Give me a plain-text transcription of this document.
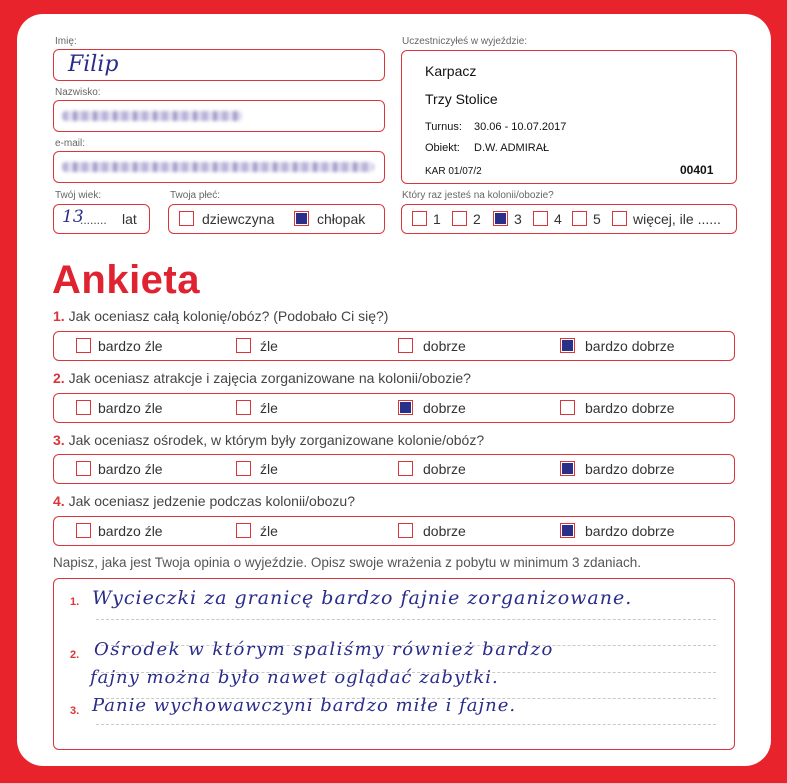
Imię:
Filip
Nazwisko:
e-mail:
Twój wiek:
13
........ lat
Twoja płeć:
dziewczyna	chłopak
Uczestniczyłeś w wyjeździe:
Karpacz
Trzy Stolice
Turnus: 30.06 - 10.07.2017
Obiekt: D.W. ADMIRAŁ
KAR 01/07/2	00401
Który raz jesteś na kolonii/obozie?
1 2 3 4 5 więcej, ile ......
Ankieta
1. Jak oceniasz całą kolonię/obóz? (Podobało Ci się?)
bardzo źle	źle	dobrze	bardzo dobrze
2. Jak oceniasz atrakcje i zajęcia zorganizowane na kolonii/obozie?
bardzo źle	źle	dobrze	bardzo dobrze
3. Jak oceniasz ośrodek, w którym były zorganizowane kolonie/obóz?
bardzo źle	źle	dobrze	bardzo dobrze
4. Jak oceniasz jedzenie podczas kolonii/obozu?
bardzo źle	źle	dobrze	bardzo dobrze
Napisz, jaka jest Twoja opinia o wyjeździe. Opisz swoje wrażenia z pobytu w minimum 3 zdaniach.
1. Wycieczki za granicę bardzo fajnie zorganizowane.
2. Ośrodek w którym spaliśmy również bardzo
fajny można było nawet oglądać zabytki.
3. Panie wychowawczyni bardzo miłe i fajne.
